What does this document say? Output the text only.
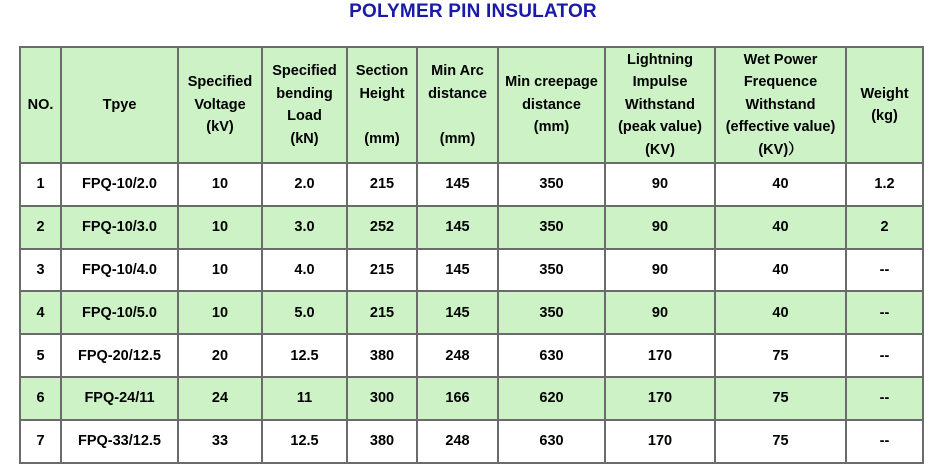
POLYMER PIN INSULATOR
NO.	Tpye	Specified
Voltage
(kV)	Specified
bending
Load
(kN)	Section
Height
(mm)	Min Arc
distance
(mm)	Min creepage
distance
(mm)	Lightning
Impulse
Withstand
(peak value)
(KV)	Wet Power
Frequence
Withstand
(effective value)
(KV)）	Weight
(kg)

1	FPQ-10/2.0	10	2.0	215	145	350	90	40	1.2
2	FPQ-10/3.0	10	3.0	252	145	350	90	40	2
3	FPQ-10/4.0	10	4.0	215	145	350	90	40	--
4	FPQ-10/5.0	10	5.0	215	145	350	90	40	--
5	FPQ-20/12.5	20	12.5	380	248	630	170	75	--
6	FPQ-24/11	24	11	300	166	620	170	75	--
7	FPQ-33/12.5	33	12.5	380	248	630	170	75	--
